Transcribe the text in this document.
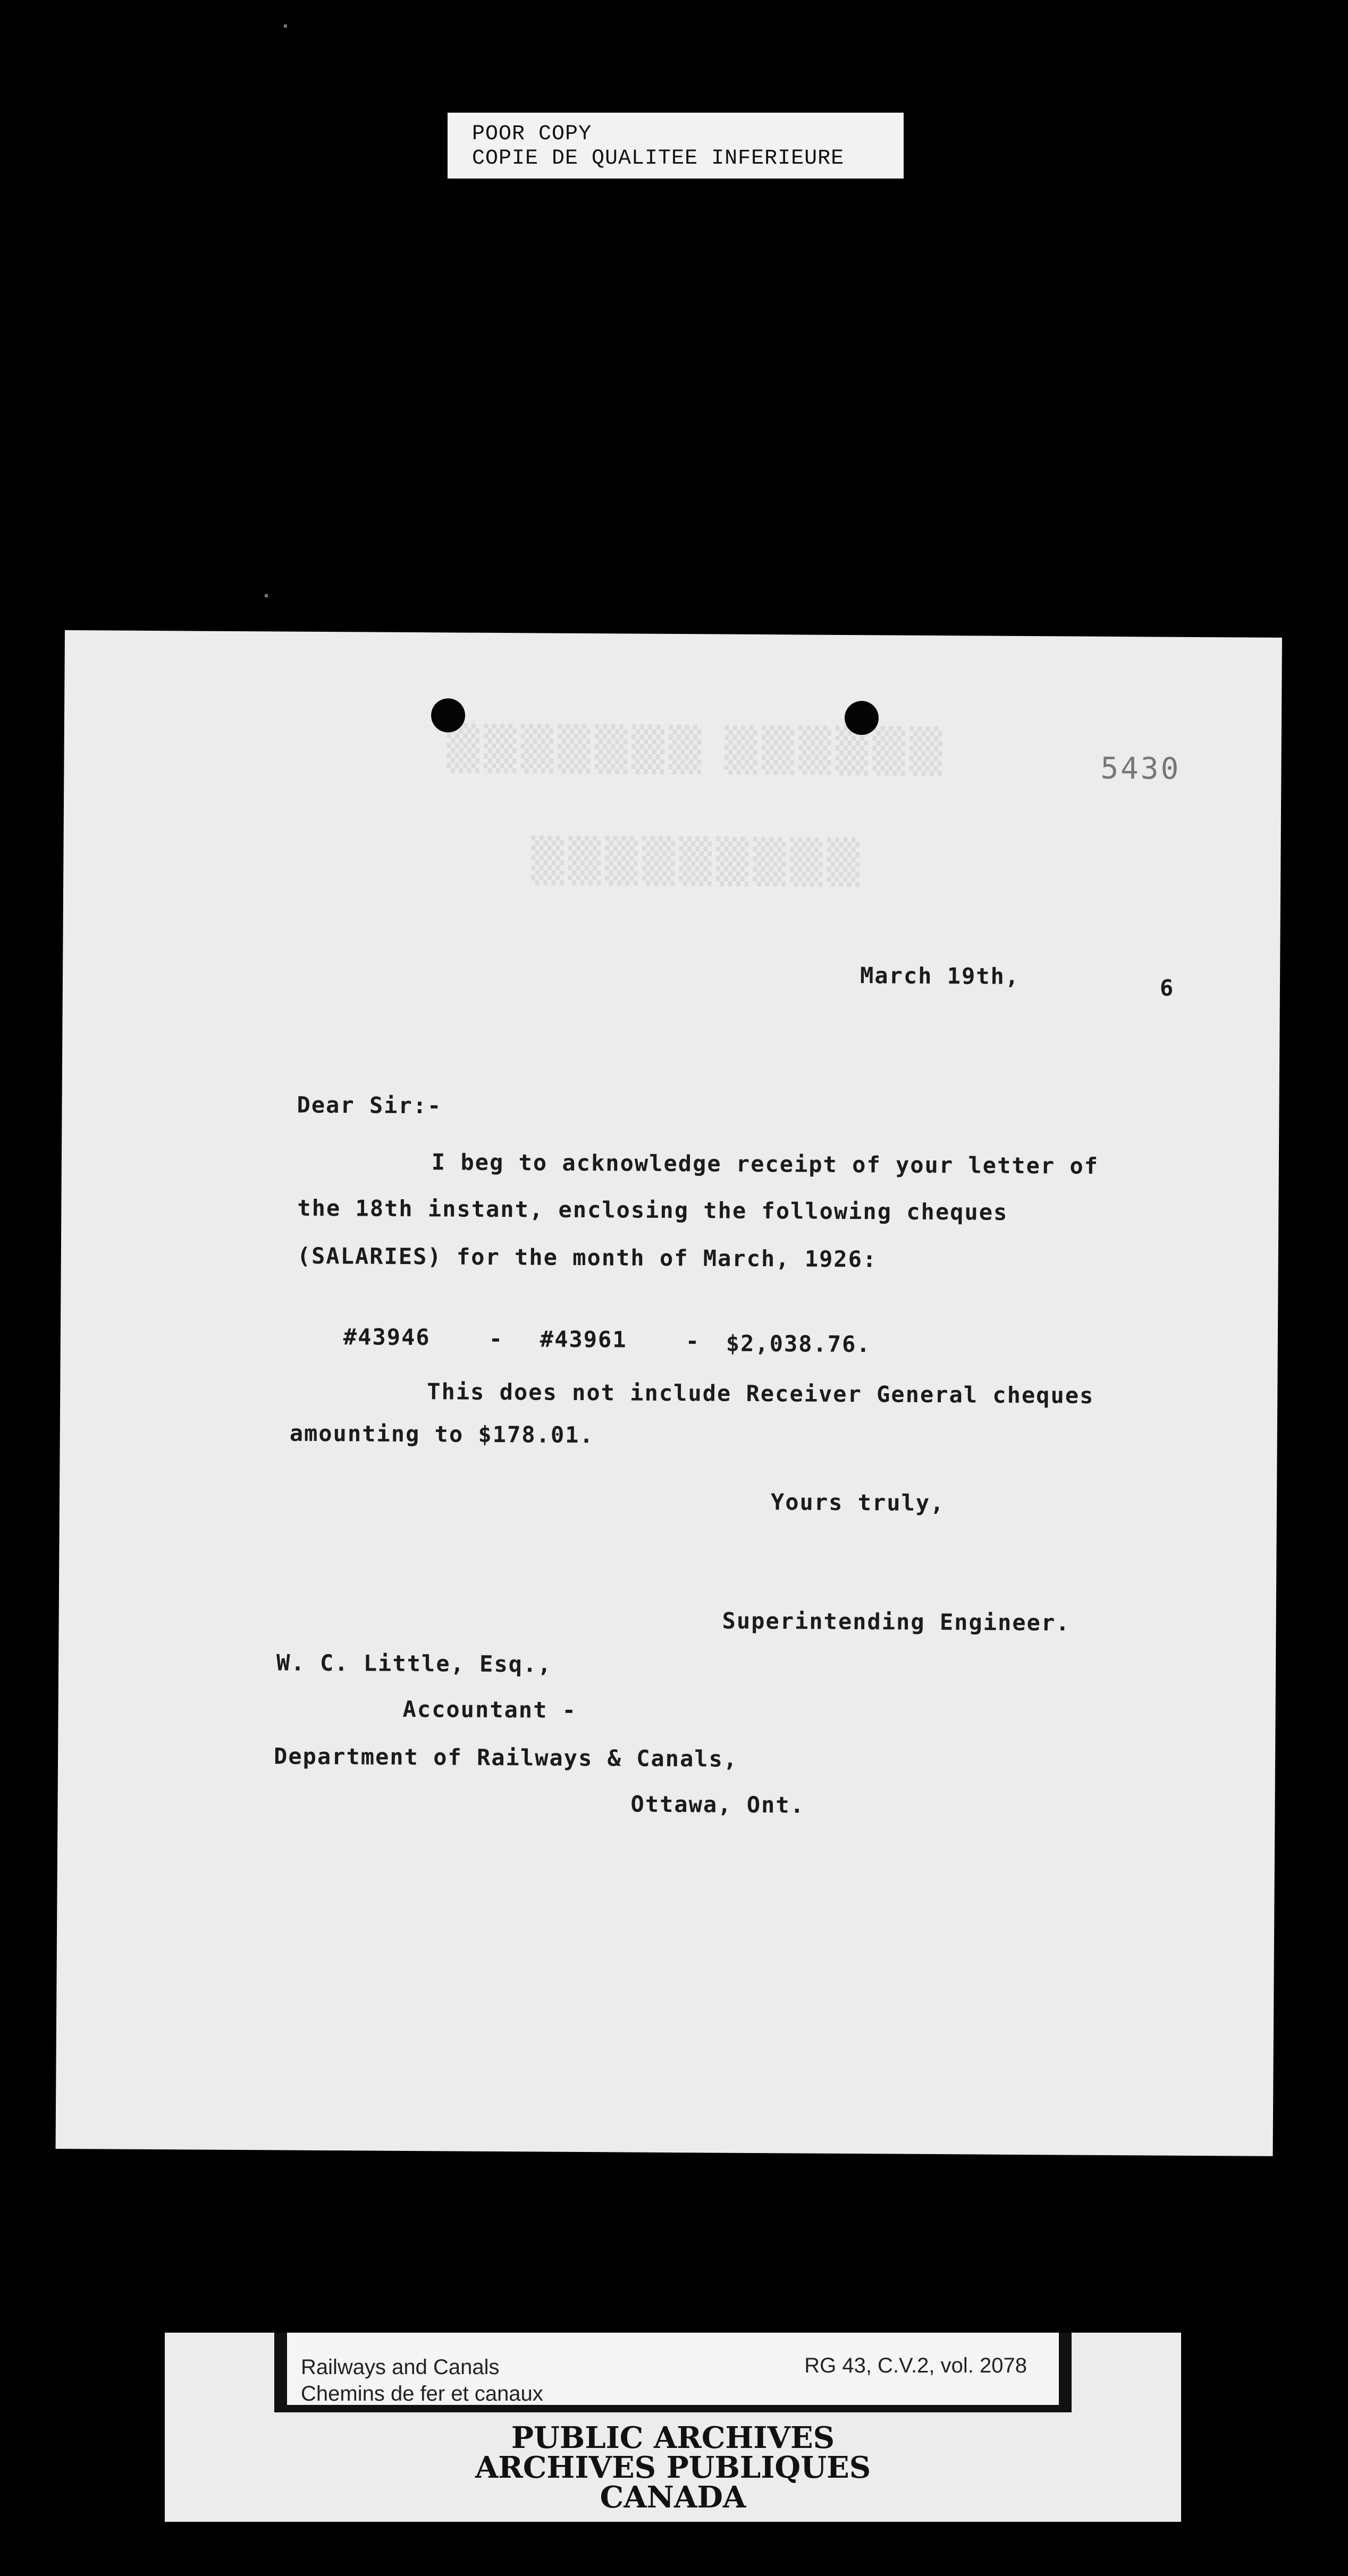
POOR COPY
COPIE DE QUALITEE INFERIEURE
▒▒▒▒▒▒▒ ▒▒▒▒▒▒
▒▒▒▒▒▒▒▒▒
5430
March 19th,	6
Dear Sir:-
I beg to acknowledge receipt of your letter of
the 18th instant, enclosing the following cheques
(SALARIES) for the month of March, 1926:
#43946	- #43961	- $2,038.76.
This does not include Receiver General cheques
amounting to $178.01.
Yours truly,
Superintending Engineer.
W. C. Little, Esq.,
Accountant -
Department of Railways & Canals,
Ottawa, Ont.
Railways and Canals
Chemins de fer et canaux
RG 43, C.V.2, vol. 2078
PUBLIC ARCHIVES
ARCHIVES PUBLIQUES
CANADA
